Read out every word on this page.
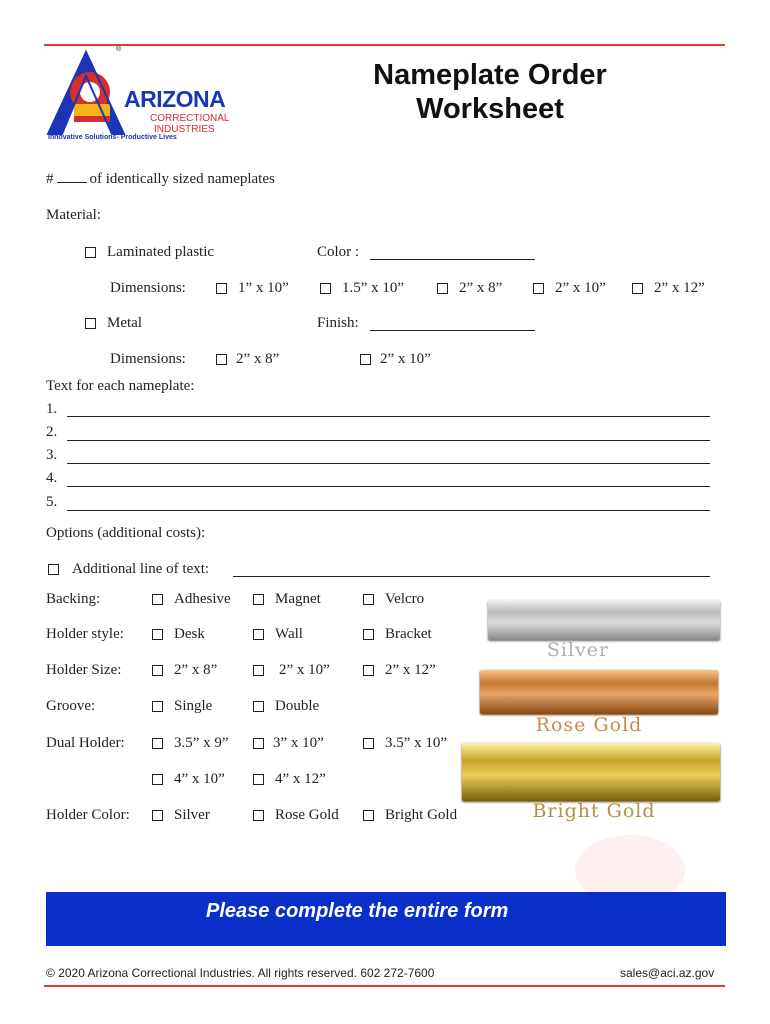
®
ARIZONA
CORRECTIONAL
INDUSTRIES
Innovative Solutions- Productive Lives
Nameplate Order
Worksheet
# of identically sized nameplates
Material:
Laminated plastic	Color :
Dimensions:	1” x 10”	1.5” x 10”	2” x 8”	2” x 10”	2” x 12”
Metal	Finish:
Dimensions:	2” x 8”	2” x 10”
Text for each nameplate:
1.
2.
3.
4.
5.
Options (additional costs):
Additional line of text:
Backing:	Adhesive	Magnet	Velcro
Holder style:	Desk	Wall	Bracket
Holder Size:	2” x 8”	2” x 10”	2” x 12”
Groove:	Single	Double
Dual Holder:	3.5” x 9”	3” x 10”	3.5” x 10”
4” x 10”	4” x 12”
Holder Color:	Silver	Rose Gold	Bright Gold
Silver
Rose Gold
Bright Gold
Please complete the entire form
© 2020 Arizona Correctional Industries. All rights reserved. 602 272-7600	sales@aci.az.gov
